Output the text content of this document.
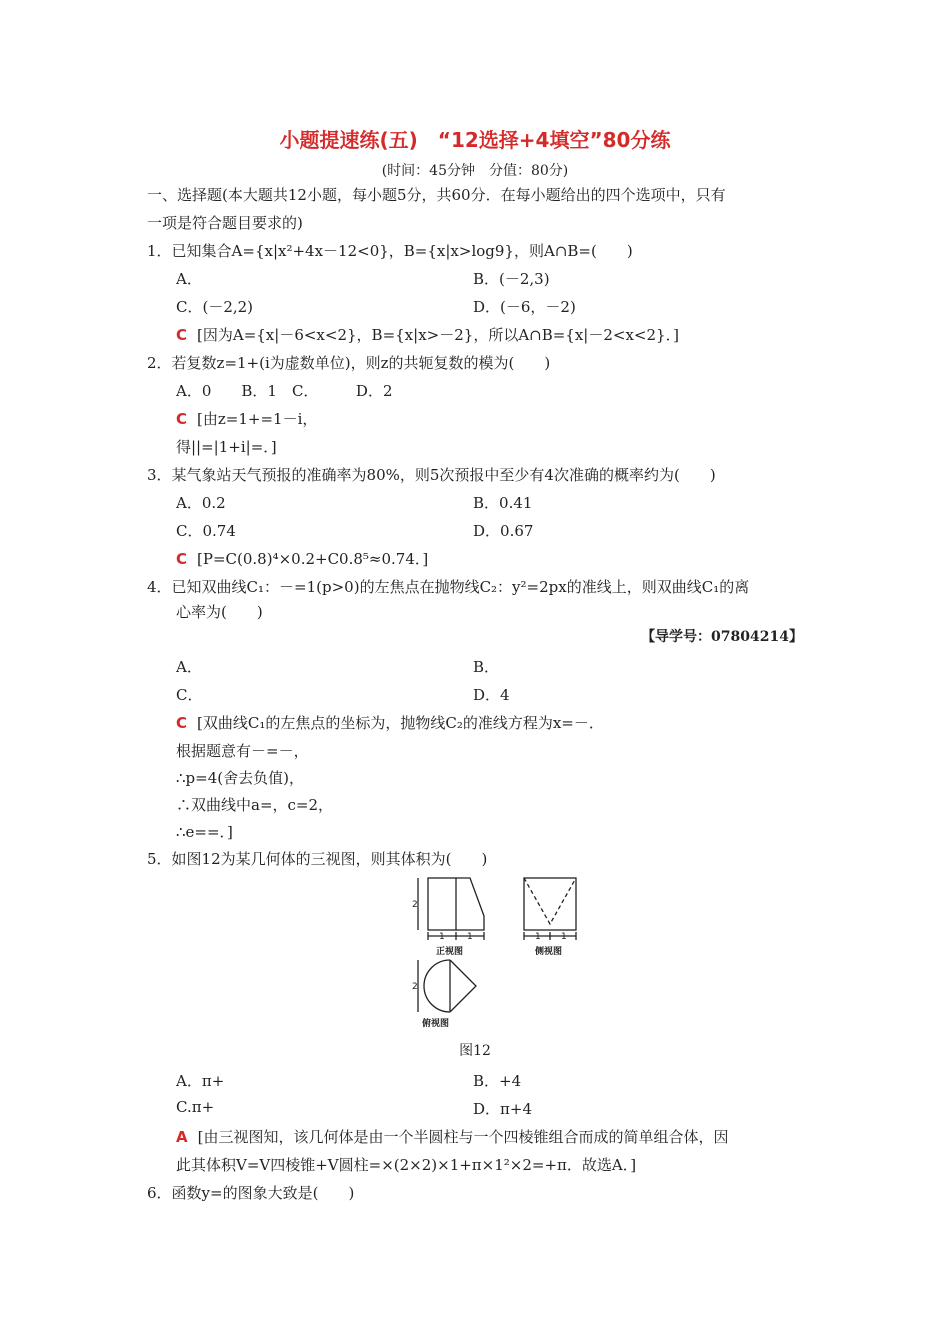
小题提速练(五)　“12选择+4填空”80分练
(时间：45分钟　分值：80分)
一、选择题(本大题共12小题，每小题5分，共60分．在每小题给出的四个选项中，只有
一项是符合题目要求的)
1．已知集合A={x|x²+4x－12<0}，B={x|x>log9}，则A∩B=(　　)
A．	B．(－2,3)
C．(－2,2)	D．(－6，－2)
C [因为A={x|－6<x<2}，B={x|x>－2}，所以A∩B={x|－2<x<2}．]
2．若复数z=1+(i为虚数单位)，则z的共轭复数的模为(　　)
A．0　　B．1　C．　　　D．2
C [由z=1+=1－i，
得||=|1+i|=．]
3．某气象站天气预报的准确率为80%，则5次预报中至少有4次准确的概率约为(　　)
A．0.2	B．0.41
C．0.74	D．0.67
C [P=C(0.8)⁴×0.2+C0.8⁵≈0.74．]
4．已知双曲线C₁：－=1(p>0)的左焦点在抛物线C₂：y²=2px的准线上，则双曲线C₁的离
心率为(　　)
【导学号：07804214】
A．	B．
C．	D．4
C [双曲线C₁的左焦点的坐标为，抛物线C₂的准线方程为x=－．
根据题意有－=－，
∴p=4(舍去负值)，
∴双曲线中a=，c=2，
∴e==．]
5．如图12为某几何体的三视图，则其体积为(　　)
2
1 1	1 1
2
正视图	侧视图
俯视图
图12
A．π+	B．+4
C.π+	D．π+4
A [由三视图知，该几何体是由一个半圆柱与一个四棱锥组合而成的简单组合体，因
此其体积V=V四棱锥+V圆柱=×(2×2)×1+π×1²×2=+π．故选A．]
6．函数y=的图象大致是(　　)
